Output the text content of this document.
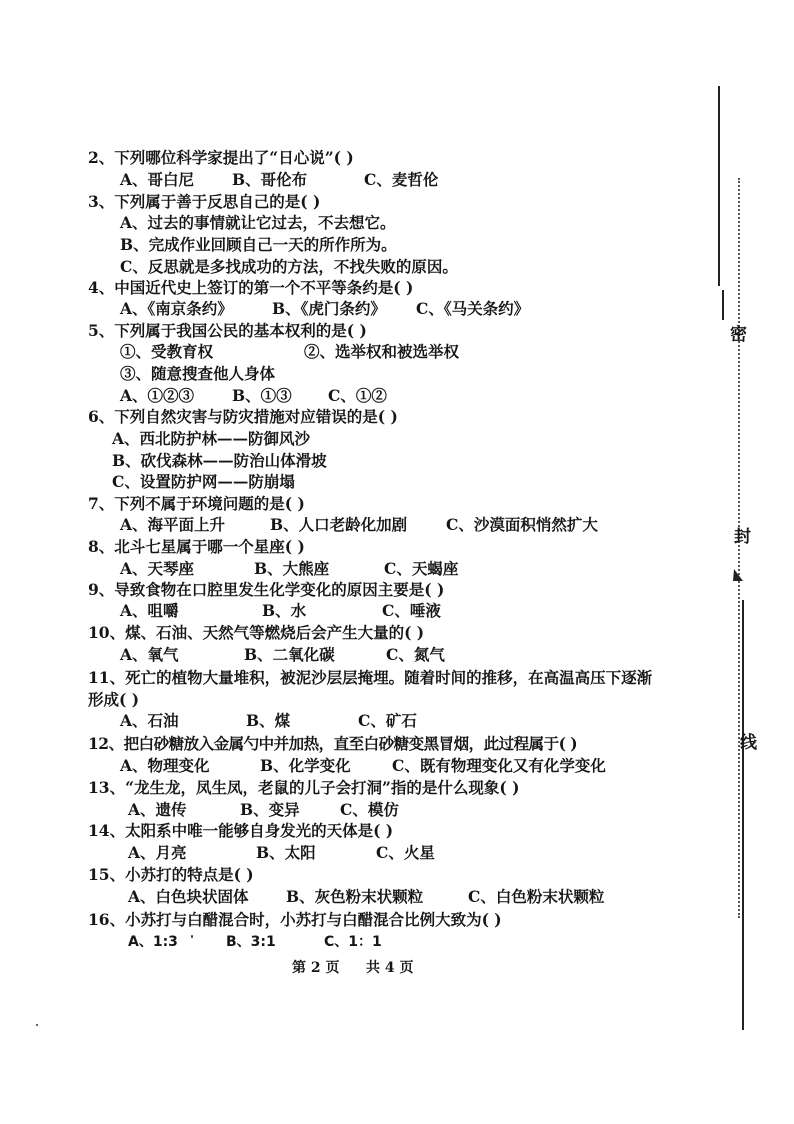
2、下列哪位科学家提出了“日心说”( )
A、哥白尼 B、哥伦布	C、麦哲伦
3、下列属于善于反思自己的是( )
A、过去的事情就让它过去，不去想它。
B、完成作业回顾自己一天的所作所为。
C、反思就是多找成功的方法，不找失败的原因。
4、中国近代史上签订的第一个不平等条约是( )
A、《南京条约》	B、《虎门条约》 C、《马关条约》
5、下列属于我国公民的基本权利的是( )
①、受教育权	②、选举权和被选举权
③、随意搜查他人身体
A、①②③ B、①③ C、①②
6、下列自然灾害与防灾措施对应错误的是( )
A、西北防护林——防御风沙
B、砍伐森林——防治山体滑坡
C、设置防护网——防崩塌
7、下列不属于环境问题的是( )
A、海平面上升	B、人口老龄化加剧	C、沙漠面积悄然扩大
8、北斗七星属于哪一个星座( )
A、天琴座	B、大熊座	C、天蝎座
9、导致食物在口腔里发生化学变化的原因主要是( )
A、咀嚼	B、水	C、唾液
10、煤、石油、天然气等燃烧后会产生大量的( )
A、氧气	B、二氧化碳	C、氮气
11、死亡的植物大量堆积，被泥沙层层掩埋。随着时间的推移，在高温高压下逐渐形成( )
A、石油	B、煤	C、矿石
12、把白砂糖放入金属勺中并加热，直至白砂糖变黑冒烟，此过程属于( )
A、物理变化	B、化学变化	C、既有物理变化又有化学变化
13、“龙生龙，凤生凤，老鼠的儿子会打洞”指的是什么现象( )
A、遗传	B、变异	C、模仿
14、太阳系中唯一能够自身发光的天体是( )
A、月亮	B、太阳	C、火星
15、小苏打的特点是( )
A、白色块状固体 B、灰色粉末状颗粒	C、白色粉末状颗粒
16、小苏打与白醋混合时，小苏打与白醋混合比例大致为( )
A、1:3	B、3:1	C、1：1
第 2 页 共 4 页
密
封
线
